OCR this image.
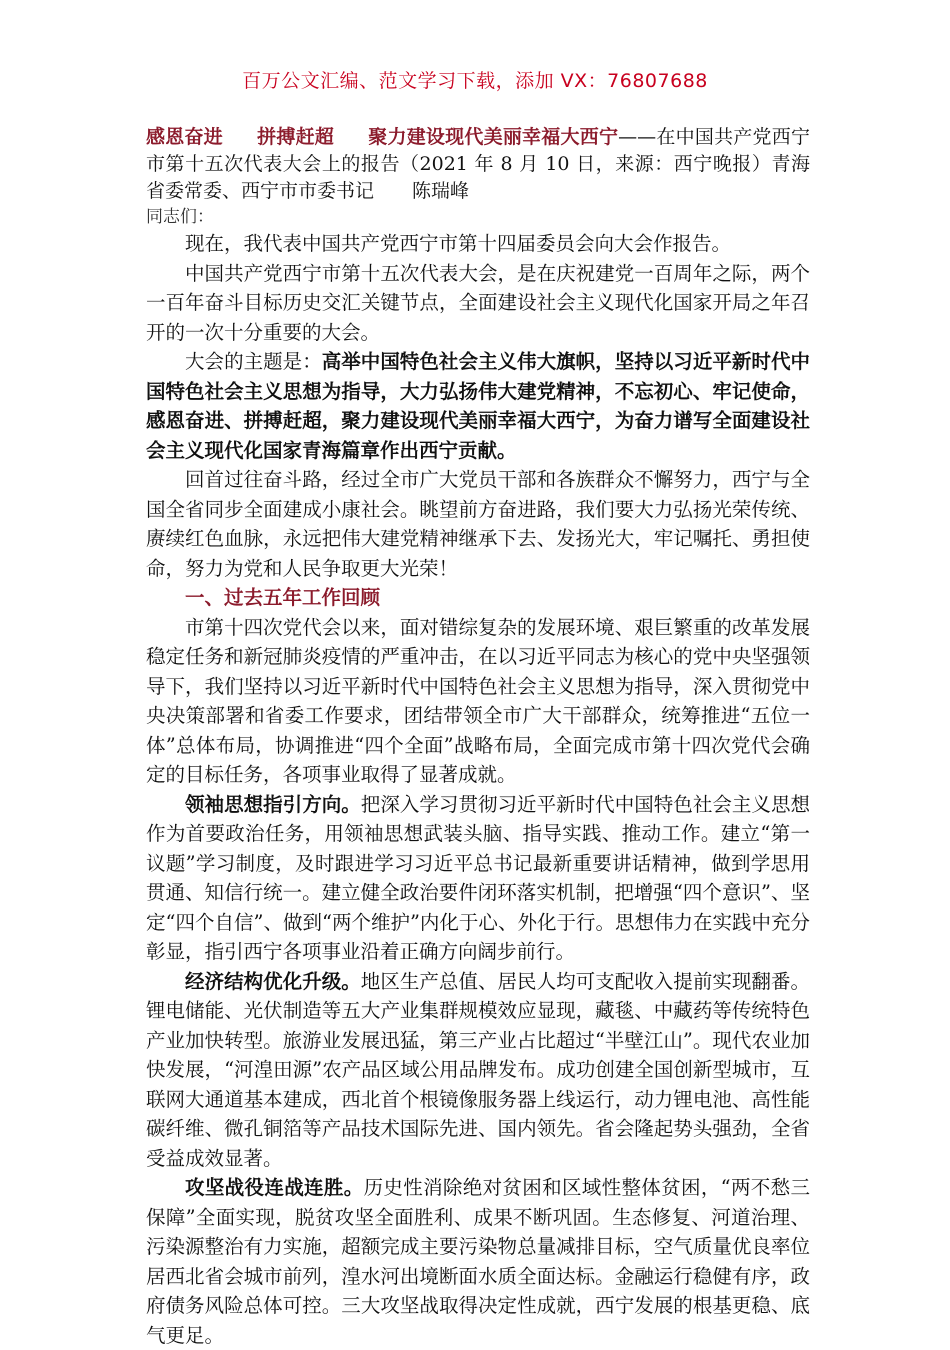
百万公文汇编、范文学习下载，添加 VX：76807688

感恩奋进 拼搏赶超 聚力建设现代美丽幸福大西宁——在中国共产党西宁市第十五次代表大会上的报告（2021 年 8 月 10 日，来源：西宁晚报）青海省委常委、西宁市市委书记　　陈瑞峰

同志们：

现在，我代表中国共产党西宁市第十四届委员会向大会作报告。

中国共产党西宁市第十五次代表大会，是在庆祝建党一百周年之际，两个一百年奋斗目标历史交汇关键节点，全面建设社会主义现代化国家开局之年召开的一次十分重要的大会。

大会的主题是：高举中国特色社会主义伟大旗帜，坚持以习近平新时代中国特色社会主义思想为指导，大力弘扬伟大建党精神，不忘初心、牢记使命，感恩奋进、拼搏赶超，聚力建设现代美丽幸福大西宁，为奋力谱写全面建设社会主义现代化国家青海篇章作出西宁贡献。

回首过往奋斗路，经过全市广大党员干部和各族群众不懈努力，西宁与全国全省同步全面建成小康社会。眺望前方奋进路，我们要大力弘扬光荣传统、赓续红色血脉，永远把伟大建党精神继承下去、发扬光大，牢记嘱托、勇担使命，努力为党和人民争取更大光荣！

一、过去五年工作回顾

市第十四次党代会以来，面对错综复杂的发展环境、艰巨繁重的改革发展稳定任务和新冠肺炎疫情的严重冲击，在以习近平同志为核心的党中央坚强领导下，我们坚持以习近平新时代中国特色社会主义思想为指导，深入贯彻党中央决策部署和省委工作要求，团结带领全市广大干部群众，统筹推进“五位一体”总体布局，协调推进“四个全面”战略布局，全面完成市第十四次党代会确定的目标任务，各项事业取得了显著成就。

领袖思想指引方向。把深入学习贯彻习近平新时代中国特色社会主义思想作为首要政治任务，用领袖思想武装头脑、指导实践、推动工作。建立“第一议题”学习制度，及时跟进学习习近平总书记最新重要讲话精神，做到学思用贯通、知信行统一。建立健全政治要件闭环落实机制，把增强“四个意识”、坚定“四个自信”、做到“两个维护”内化于心、外化于行。思想伟力在实践中充分彰显，指引西宁各项事业沿着正确方向阔步前行。

经济结构优化升级。地区生产总值、居民人均可支配收入提前实现翻番。锂电储能、光伏制造等五大产业集群规模效应显现，藏毯、中藏药等传统特色产业加快转型。旅游业发展迅猛，第三产业占比超过“半壁江山”。现代农业加快发展，“河湟田源”农产品区域公用品牌发布。成功创建全国创新型城市，互联网大通道基本建成，西北首个根镜像服务器上线运行，动力锂电池、高性能碳纤维、微孔铜箔等产品技术国际先进、国内领先。省会隆起势头强劲，全省受益成效显著。

攻坚战役连战连胜。历史性消除绝对贫困和区域性整体贫困，“两不愁三保障”全面实现，脱贫攻坚全面胜利、成果不断巩固。生态修复、河道治理、污染源整治有力实施，超额完成主要污染物总量减排目标，空气质量优良率位居西北省会城市前列，湟水河出境断面水质全面达标。金融运行稳健有序，政府债务风险总体可控。三大攻坚战取得决定性成就，西宁发展的根基更稳、底气更足。
